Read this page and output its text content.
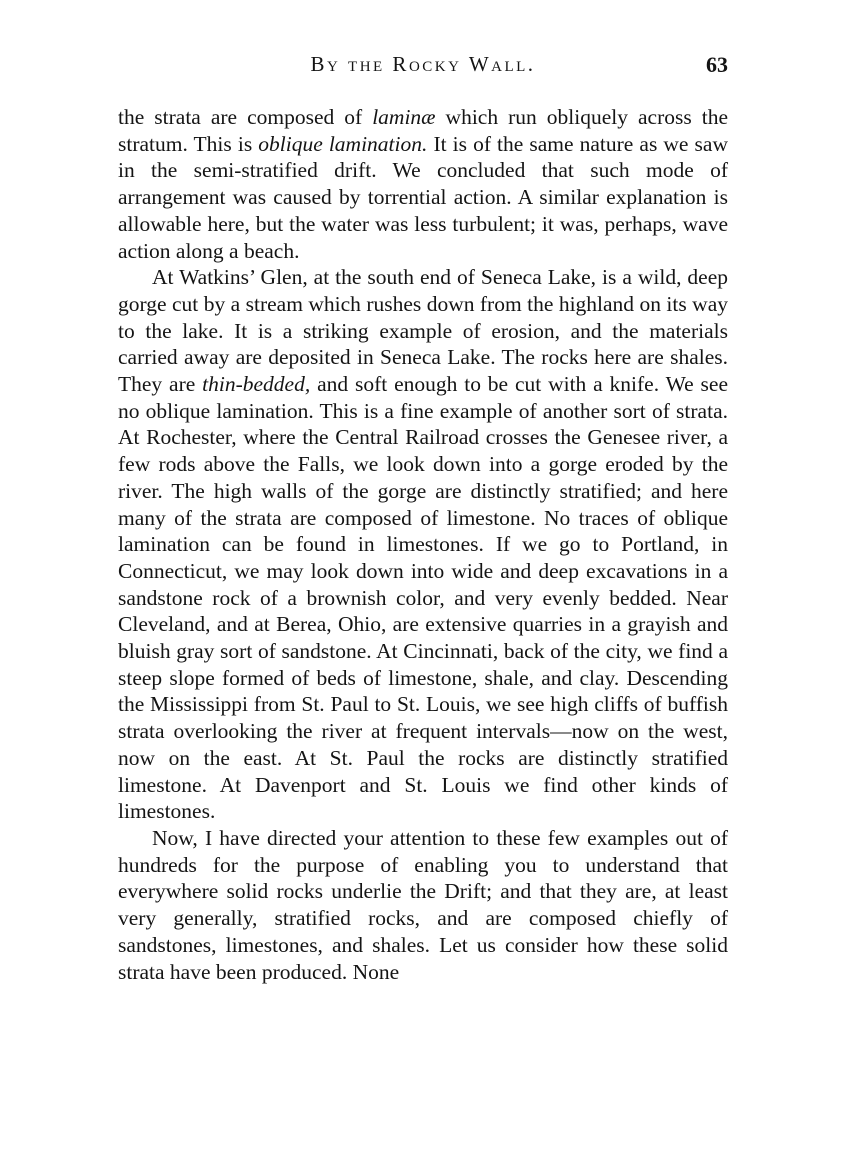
By the Rocky Wall.	63

the strata are composed of laminæ which run obliquely across the stratum. This is oblique lamination. It is of the same nature as we saw in the semi-stratified drift. We concluded that such mode of arrangement was caused by torrential action. A similar explanation is allowable here, but the water was less turbulent; it was, perhaps, wave action along a beach.

At Watkins’ Glen, at the south end of Seneca Lake, is a wild, deep gorge cut by a stream which rushes down from the highland on its way to the lake. It is a striking example of erosion, and the materials carried away are deposited in Seneca Lake. The rocks here are shales. They are thin-bedded, and soft enough to be cut with a knife. We see no oblique lamination. This is a fine example of another sort of strata. At Rochester, where the Central Railroad crosses the Genesee river, a few rods above the Falls, we look down into a gorge eroded by the river. The high walls of the gorge are distinctly stratified; and here many of the strata are composed of limestone. No traces of oblique lamination can be found in limestones. If we go to Portland, in Connecticut, we may look down into wide and deep excavations in a sandstone rock of a brownish color, and very evenly bedded. Near Cleveland, and at Berea, Ohio, are extensive quarries in a grayish and bluish gray sort of sandstone. At Cincinnati, back of the city, we find a steep slope formed of beds of limestone, shale, and clay. Descending the Mississippi from St. Paul to St. Louis, we see high cliffs of buffish strata overlooking the river at frequent intervals—now on the west, now on the east. At St. Paul the rocks are distinctly stratified limestone. At Davenport and St. Louis we find other kinds of limestones.

Now, I have directed your attention to these few examples out of hundreds for the purpose of enabling you to understand that everywhere solid rocks underlie the Drift; and that they are, at least very generally, stratified rocks, and are composed chiefly of sandstones, limestones, and shales. Let us consider how these solid strata have been produced. None
